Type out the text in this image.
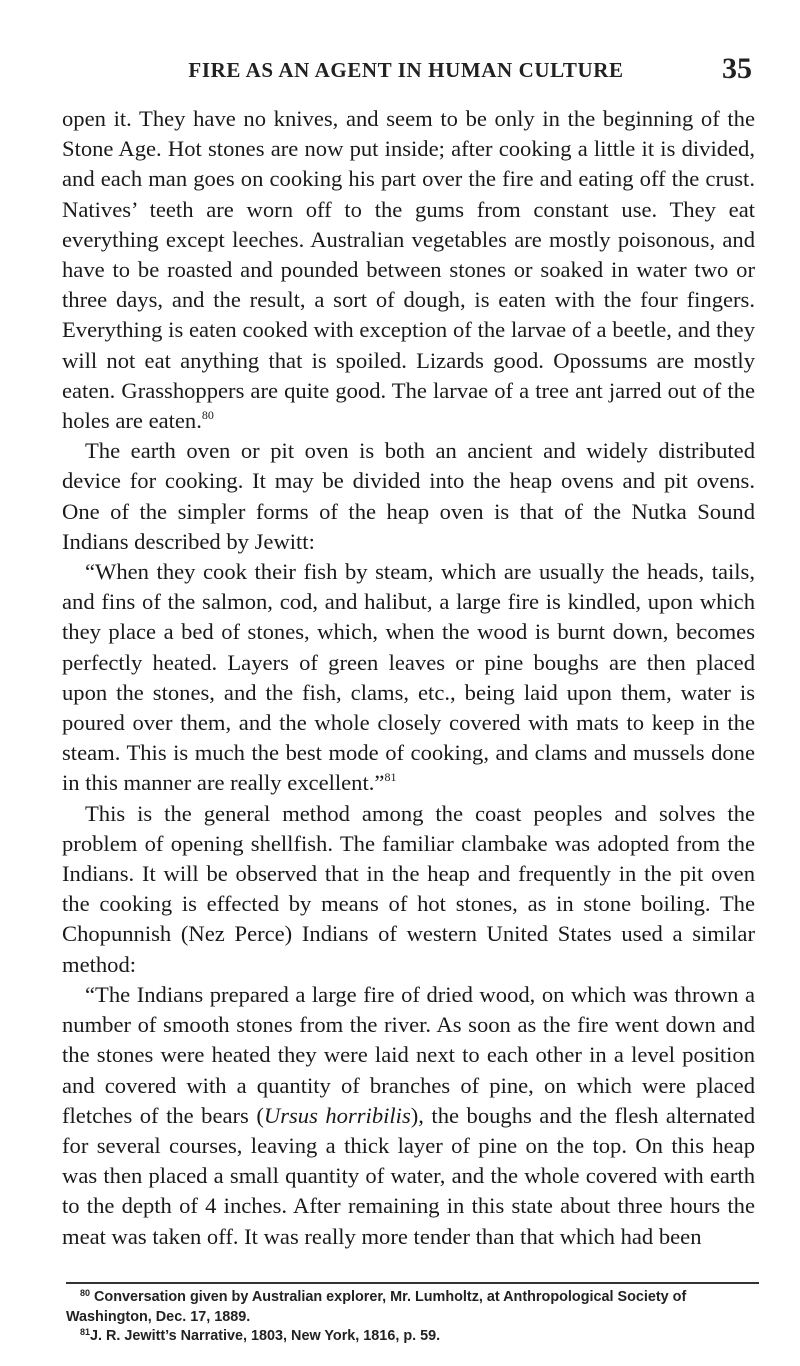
FIRE AS AN AGENT IN HUMAN CULTURE	35

open it. They have no knives, and seem to be only in the beginning of the Stone Age. Hot stones are now put inside; after cooking a little it is divided, and each man goes on cooking his part over the fire and eating off the crust. Natives’ teeth are worn off to the gums from constant use. They eat everything except leeches. Australian vegetables are mostly poisonous, and have to be roasted and pounded between stones or soaked in water two or three days, and the result, a sort of dough, is eaten with the four fingers. Everything is eaten cooked with exception of the larvae of a beetle, and they will not eat anything that is spoiled. Lizards good. Opossums are mostly eaten. Grasshoppers are quite good. The larvae of a tree ant jarred out of the holes are eaten.$^{80}$

The earth oven or pit oven is both an ancient and widely distributed device for cooking. It may be divided into the heap ovens and pit ovens. One of the simpler forms of the heap oven is that of the Nutka Sound Indians described by Jewitt:

“When they cook their fish by steam, which are usually the heads, tails, and fins of the salmon, cod, and halibut, a large fire is kindled, upon which they place a bed of stones, which, when the wood is burnt down, becomes perfectly heated. Layers of green leaves or pine boughs are then placed upon the stones, and the fish, clams, etc., being laid upon them, water is poured over them, and the whole closely covered with mats to keep in the steam. This is much the best mode of cooking, and clams and mussels done in this manner are really excellent.”$^{81}$

This is the general method among the coast peoples and solves the problem of opening shellfish. The familiar clambake was adopted from the Indians. It will be observed that in the heap and frequently in the pit oven the cooking is effected by means of hot stones, as in stone boiling. The Chopunnish (Nez Perce) Indians of western United States used a similar method:

“The Indians prepared a large fire of dried wood, on which was thrown a number of smooth stones from the river. As soon as the fire went down and the stones were heated they were laid next to each other in a level position and covered with a quantity of branches of pine, on which were placed fletches of the bears (Ursus horribilis), the boughs and the flesh alternated for several courses, leaving a thick layer of pine on the top. On this heap was then placed a small quantity of water, and the whole covered with earth to the depth of 4 inches. After remaining in this state about three hours the meat was taken off. It was really more tender than that which had been

$^{80}$ Conversation given by Australian explorer, Mr. Lumholtz, at Anthropological Society of Washington, Dec. 17, 1889.

$^{81}$J. R. Jewitt’s Narrative, 1803, New York, 1816, p. 59.
